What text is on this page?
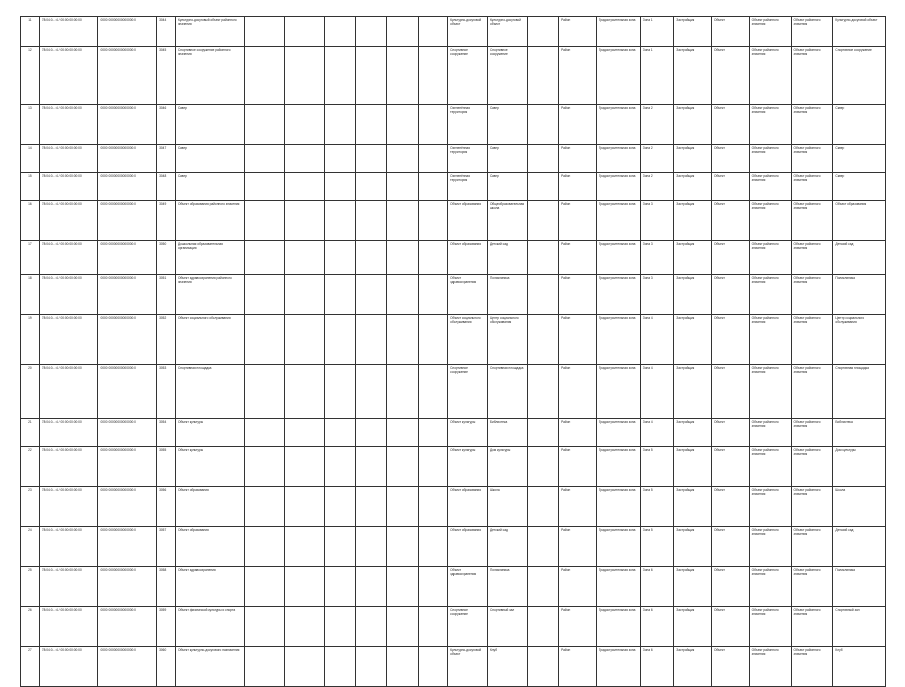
11	78:04:0...:4 / 00:00:00:00:00	0000 00000000000000:0	3044	Культурно-досуговый объект районного значения							Культурно-досуговой объект	Культурно-досуговой объект		Район	Градостроительная зона	Зона 1	Застройщик	Объект	Объект районного значения	Объект районного значения	Культурно-досуговой объект
12	78:04:0...:4 / 00:00:00:00:00	0000 00000000000000:0	3045	Спортивное сооружение районного значения							Спортивное сооружение	Спортивное сооружение		Район	Градостроительная зона	Зона 1	Застройщик	Объект	Объект районного значения	Объект районного значения	Спортивное сооружение
13	78:04:0...:4 / 00:00:00:00:00	0000 00000000000000:0	3046	Сквер							Озеленённая территория	Сквер		Район	Градостроительная зона	Зона 2	Застройщик	Объект	Объект районного значения	Объект районного значения	Сквер
14	78:04:0...:4 / 00:00:00:00:00	0000 00000000000000:0	3047	Сквер							Озеленённая территория	Сквер		Район	Градостроительная зона	Зона 2	Застройщик	Объект	Объект районного значения	Объект районного значения	Сквер
15	78:04:0...:4 / 00:00:00:00:00	0000 00000000000000:0	3048	Сквер							Озеленённая территория	Сквер		Район	Градостроительная зона	Зона 2	Застройщик	Объект	Объект районного значения	Объект районного значения	Сквер
16	78:04:0...:4 / 00:00:00:00:00	0000 00000000000000:0	3049	Объект образования районного значения							Объект образования	Общеобразовательная школа		Район	Градостроительная зона	Зона 3	Застройщик	Объект	Объект районного значения	Объект районного значения	Объект образования
17	78:04:0...:4 / 00:00:00:00:00	0000 00000000000000:0	3050	Дошкольная образовательная организация							Объект образования	Детский сад		Район	Градостроительная зона	Зона 3	Застройщик	Объект	Объект районного значения	Объект районного значения	Детский сад
18	78:04:0...:4 / 00:00:00:00:00	0000 00000000000000:0	3051	Объект здравоохранения районного значения							Объект здравоохранения	Поликлиника		Район	Градостроительная зона	Зона 3	Застройщик	Объект	Объект районного значения	Объект районного значения	Поликлиника
19	78:04:0...:4 / 00:00:00:00:00	0000 00000000000000:0	3052	Объект социального обслуживания							Объект социального обслуживания	Центр социального обслуживания		Район	Градостроительная зона	Зона 4	Застройщик	Объект	Объект районного значения	Объект районного значения	Центр социального обслуживания
20	78:04:0...:4 / 00:00:00:00:00	0000 00000000000000:0	3053	Спортивная площадка							Спортивное сооружение	Спортивная площадка		Район	Градостроительная зона	Зона 4	Застройщик	Объект	Объект районного значения	Объект районного значения	Спортивная площадка
21	78:04:0...:4 / 00:00:00:00:00	0000 00000000000000:0	3054	Объект культуры							Объект культуры	Библиотека		Район	Градостроительная зона	Зона 4	Застройщик	Объект	Объект районного значения	Объект районного значения	Библиотека
22	78:04:0...:4 / 00:00:00:00:00	0000 00000000000000:0	3055	Объект культуры							Объект культуры	Дом культуры		Район	Градостроительная зона	Зона 5	Застройщик	Объект	Объект районного значения	Объект районного значения	Дом культуры
23	78:04:0...:4 / 00:00:00:00:00	0000 00000000000000:0	3056	Объект образования							Объект образования	Школа		Район	Градостроительная зона	Зона 5	Застройщик	Объект	Объект районного значения	Объект районного значения	Школа
24	78:04:0...:4 / 00:00:00:00:00	0000 00000000000000:0	3057	Объект образования							Объект образования	Детский сад		Район	Градостроительная зона	Зона 5	Застройщик	Объект	Объект районного значения	Объект районного значения	Детский сад
25	78:04:0...:4 / 00:00:00:00:00	0000 00000000000000:0	3058	Объект здравоохранения							Объект здравоохранения	Поликлиника		Район	Градостроительная зона	Зона 6	Застройщик	Объект	Объект районного значения	Объект районного значения	Поликлиника
26	78:04:0...:4 / 00:00:00:00:00	0000 00000000000000:0	3059	Объект физической культуры и спорта							Спортивное сооружение	Спортивный зал		Район	Градостроительная зона	Зона 6	Застройщик	Объект	Объект районного значения	Объект районного значения	Спортивный зал
27	78:04:0...:4 / 00:00:00:00:00	0000 00000000000000:0	3060	Объект культурно-досугового назначения							Культурно-досуговой объект	Клуб		Район	Градостроительная зона	Зона 6	Застройщик	Объект	Объект районного значения	Объект районного значения	Клуб
